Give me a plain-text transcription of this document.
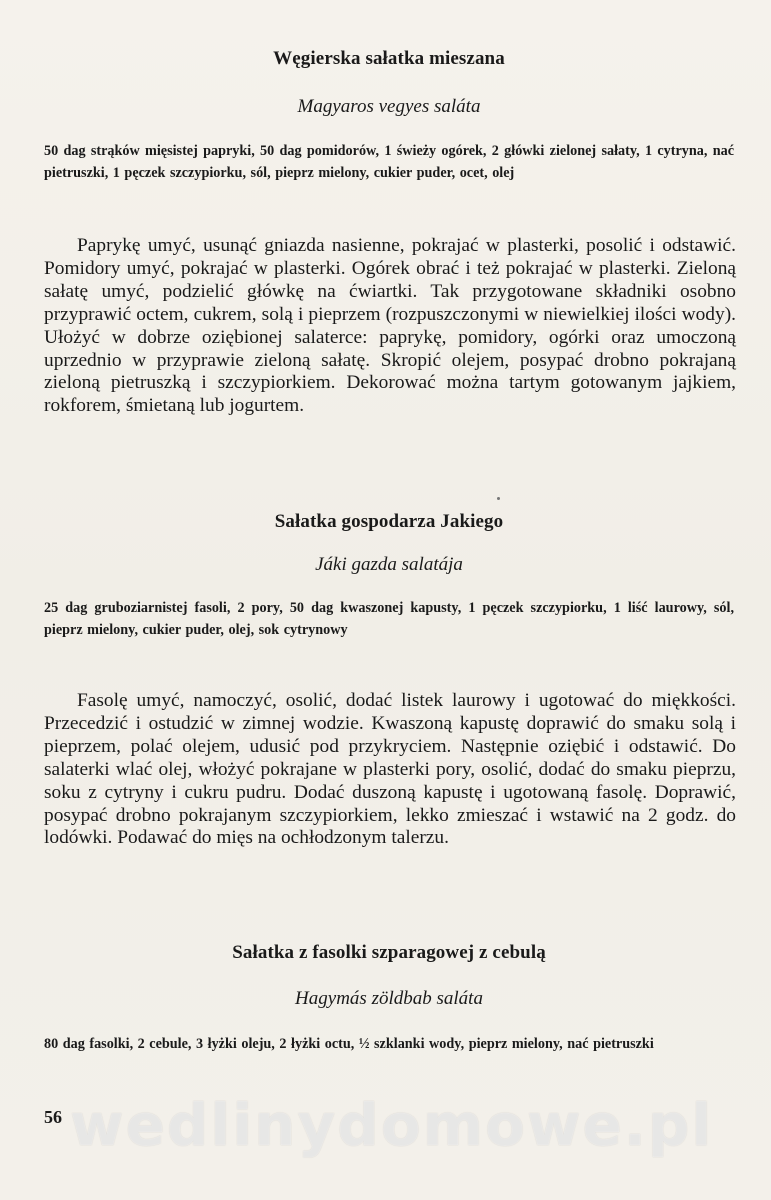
Węgierska sałatka mieszana
Magyaros vegyes saláta
50 dag strąków mięsistej papryki, 50 dag pomidorów, 1 świeży ogórek, 2 główki zielonej sałaty, 1 cytryna, nać pietruszki, 1 pęczek szczypiorku, sól, pieprz mielony, cukier puder, ocet, olej
Paprykę umyć, usunąć gniazda nasienne, pokrajać w plasterki, posolić i odstawić. Pomidory umyć, pokrajać w plasterki. Ogórek obrać i też pokrajać w plasterki. Zieloną sałatę umyć, podzielić główkę na ćwiartki. Tak przygotowane składniki osobno przyprawić octem, cukrem, solą i pieprzem (rozpuszczonymi w niewielkiej ilości wody). Ułożyć w dobrze oziębionej salaterce: paprykę, pomidory, ogórki oraz umoczoną uprzednio w przyprawie zieloną sałatę. Skropić olejem, posypać drobno pokrajaną zieloną pietruszką i szczypiorkiem. Dekorować można tartym gotowanym jajkiem, rokforem, śmietaną lub jogurtem.
Sałatka gospodarza Jakiego
Jáki gazda salatája
25 dag gruboziarnistej fasoli, 2 pory, 50 dag kwaszonej kapusty, 1 pęczek szczypiorku, 1 liść laurowy, sól, pieprz mielony, cukier puder, olej, sok cytrynowy
Fasolę umyć, namoczyć, osolić, dodać listek laurowy i ugotować do miękkości. Przecedzić i ostudzić w zimnej wodzie. Kwaszoną kapustę doprawić do smaku solą i pieprzem, polać olejem, udusić pod przykryciem. Następnie oziębić i odstawić. Do salaterki wlać olej, włożyć pokrajane w plasterki pory, osolić, dodać do smaku pieprzu, soku z cytryny i cukru pudru. Dodać duszoną kapustę i ugotowaną fasolę. Doprawić, posypać drobno pokrajanym szczypiorkiem, lekko zmieszać i wstawić na 2 godz. do lodówki. Podawać do mięs na ochłodzonym talerzu.
Sałatka z fasolki szparagowej z cebulą
Hagymás zöldbab saláta
80 dag fasolki, 2 cebule, 3 łyżki oleju, 2 łyżki octu, ½ szklanki wody, pieprz mielony, nać pietruszki
56 wedlinydomowe.pl
